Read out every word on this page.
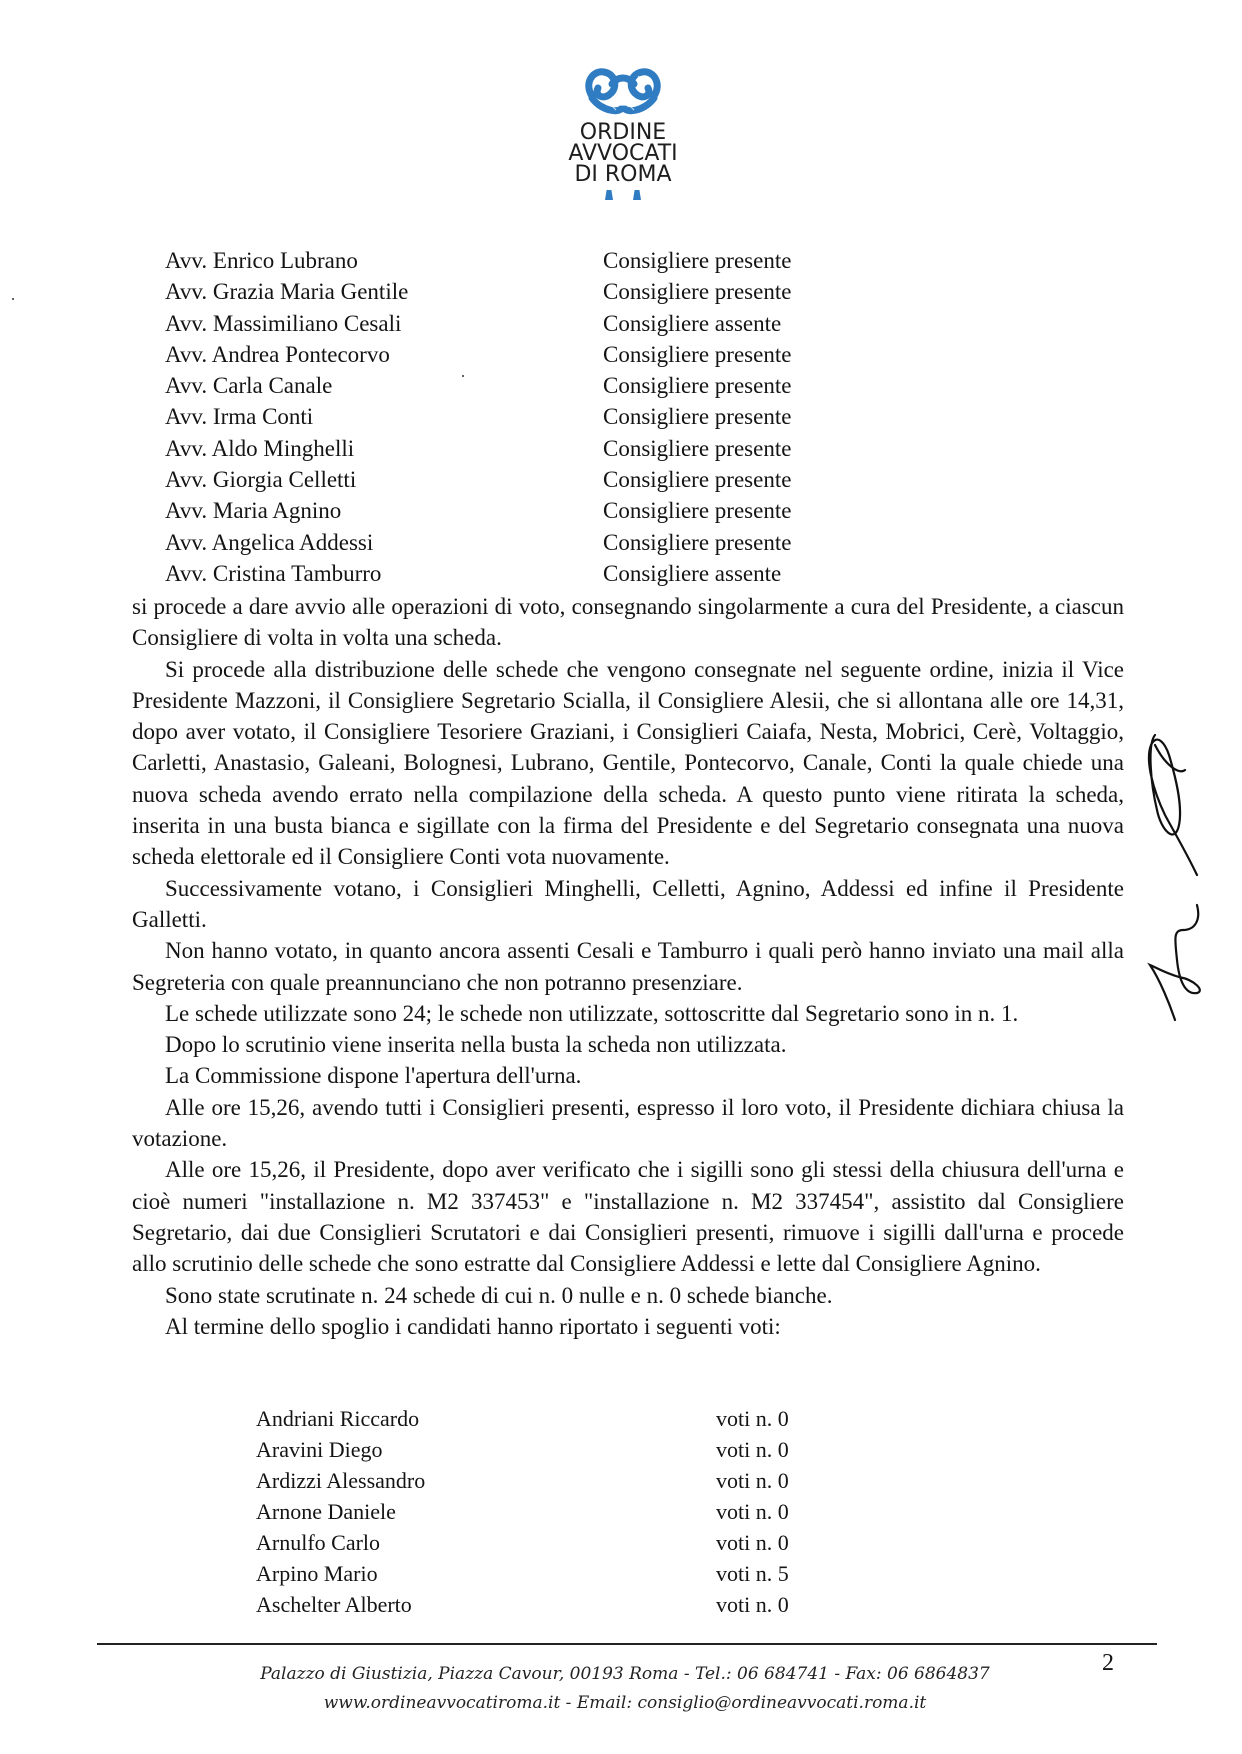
ORDINE
AVVOCATI
DI ROMA
Avv. Enrico Lubrano	Consigliere presente
Avv. Grazia Maria Gentile	Consigliere presente
Avv. Massimiliano Cesali	Consigliere assente
Avv. Andrea Pontecorvo	Consigliere presente
Avv. Carla Canale	Consigliere presente
Avv. Irma Conti	Consigliere presente
Avv. Aldo Minghelli	Consigliere presente
Avv. Giorgia Celletti	Consigliere presente
Avv. Maria Agnino	Consigliere presente
Avv. Angelica Addessi	Consigliere presente
Avv. Cristina Tamburro	Consigliere assente

si procede a dare avvio alle operazioni di voto, consegnando singolarmente a cura del Presidente, a ciascun Consigliere di volta in volta una scheda.

Si procede alla distribuzione delle schede che vengono consegnate nel seguente ordine, inizia il Vice Presidente Mazzoni, il Consigliere Segretario Scialla, il Consigliere Alesii, che si allontana alle ore 14,31, dopo aver votato, il Consigliere Tesoriere Graziani, i Consiglieri Caiafa, Nesta, Mobrici, Cerè, Voltaggio, Carletti, Anastasio, Galeani, Bolognesi, Lubrano, Gentile, Pontecorvo, Canale, Conti la quale chiede una nuova scheda avendo errato nella compilazione della scheda. A questo punto viene ritirata la scheda, inserita in una busta bianca e sigillate con la firma del Presidente e del Segretario consegnata una nuova scheda elettorale ed il Consigliere Conti vota nuovamente.

Successivamente votano, i Consiglieri Minghelli, Celletti, Agnino, Addessi ed infine il Presidente Galletti.

Non hanno votato, in quanto ancora assenti Cesali e Tamburro i quali però hanno inviato una mail alla Segreteria con quale preannunciano che non potranno presenziare.

Le schede utilizzate sono 24; le schede non utilizzate, sottoscritte dal Segretario sono in n. 1.

Dopo lo scrutinio viene inserita nella busta la scheda non utilizzata.

La Commissione dispone l'apertura dell'urna.

Alle ore 15,26, avendo tutti i Consiglieri presenti, espresso il loro voto, il Presidente dichiara chiusa la votazione.

Alle ore 15,26, il Presidente, dopo aver verificato che i sigilli sono gli stessi della chiusura dell'urna e cioè numeri "installazione n. M2 337453" e "installazione n. M2 337454", assistito dal Consigliere Segretario, dai due Consiglieri Scrutatori e dai Consiglieri presenti, rimuove i sigilli dall'urna e procede allo scrutinio delle schede che sono estratte dal Consigliere Addessi e lette dal Consigliere Agnino.

Sono state scrutinate n. 24 schede di cui n. 0 nulle e n. 0 schede bianche.

Al termine dello spoglio i candidati hanno riportato i seguenti voti:

Andriani Riccardo	voti n. 0
Aravini Diego	voti n. 0
Ardizzi Alessandro	voti n. 0
Arnone Daniele	voti n. 0
Arnulfo Carlo	voti n. 0
Arpino Mario	voti n. 5
Aschelter Alberto	voti n. 0
2
Palazzo di Giustizia, Piazza Cavour, 00193 Roma - Tel.: 06 684741 - Fax: 06 6864837
www.ordineavvocatiroma.it - Email: consiglio@ordineavvocati.roma.it
